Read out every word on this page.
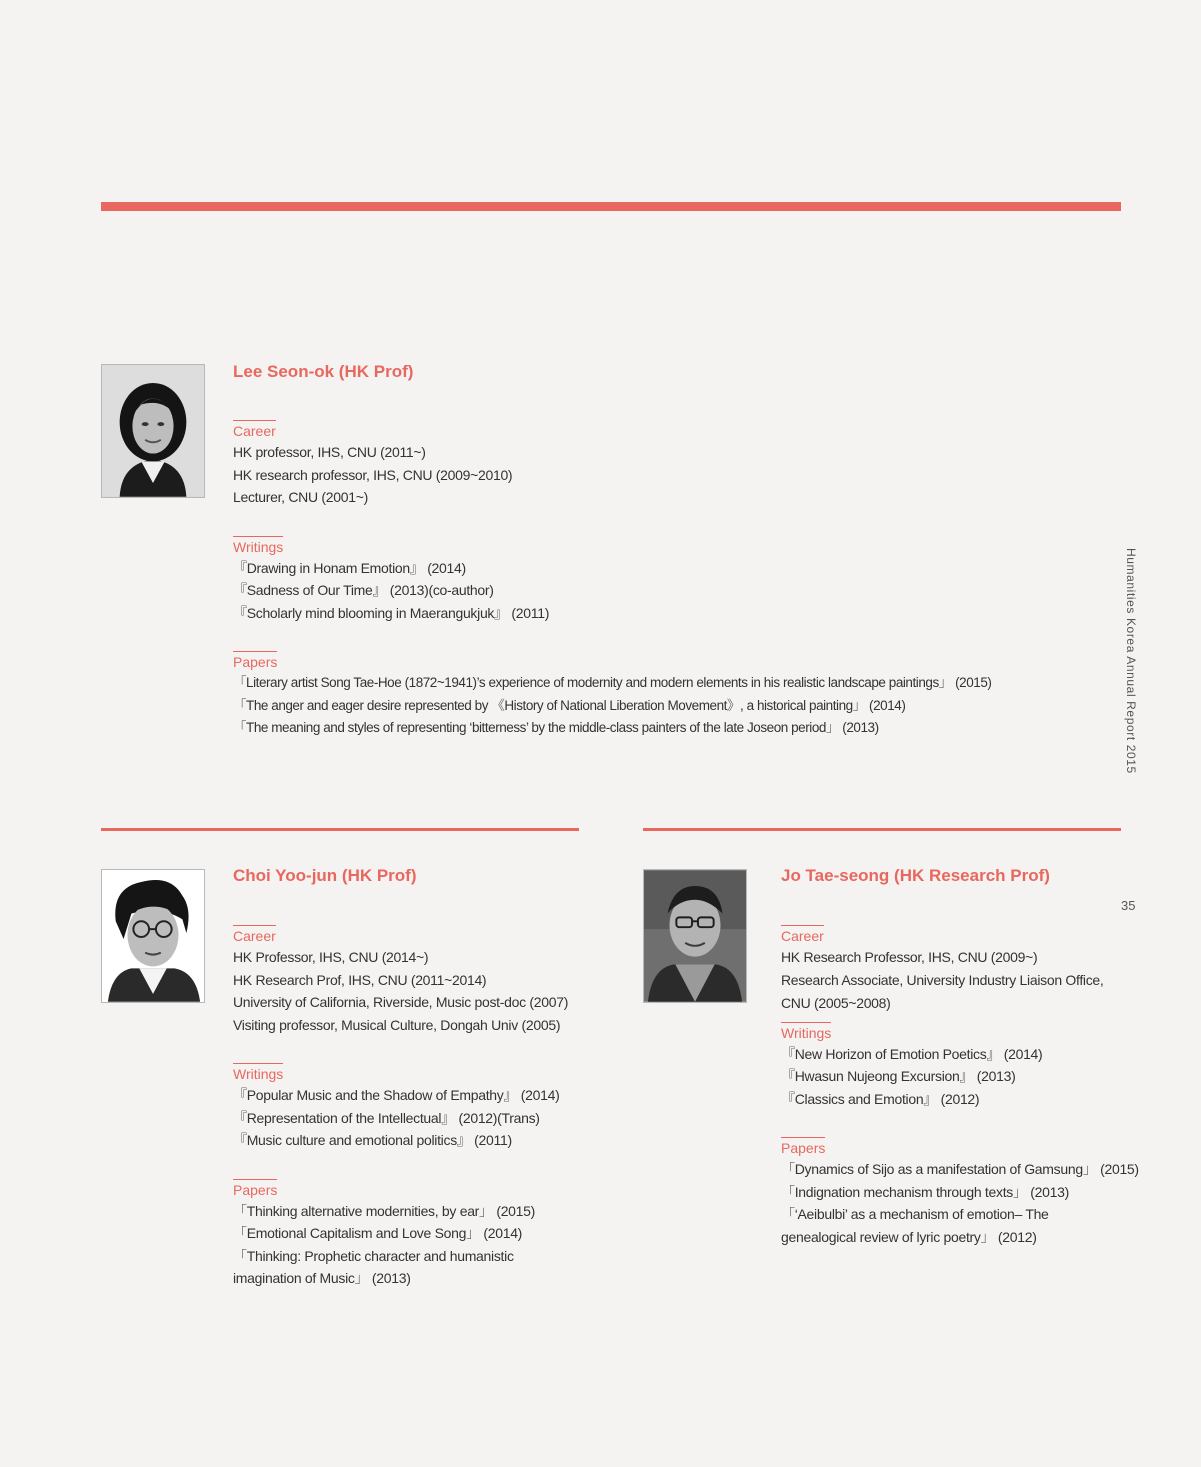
Humanities Korea Annual Report 2015
35
Lee Seon-ok (HK Prof)
Career
HK professor, IHS, CNU (2011~)
HK research professor, IHS, CNU (2009~2010)
Lecturer, CNU (2001~)
Writings
『Drawing in Honam Emotion』 (2014)
『Sadness of Our Time』 (2013)(co-author)
『Scholarly mind blooming in Maerangukjuk』 (2011)
Papers
「Literary artist Song Tae-Hoe (1872~1941)’s experience of modernity and modern elements in his realistic landscape paintings」 (2015)
「The anger and eager desire represented by 《History of National Liberation Movement》, a historical painting」 (2014)
「The meaning and styles of representing ‘bitterness’ by the middle-class painters of the late Joseon period」 (2013)
Choi Yoo-jun (HK Prof)
Career
HK Professor, IHS, CNU (2014~)
HK Research Prof, IHS, CNU (2011~2014)
University of California, Riverside, Music post-doc (2007)
Visiting professor, Musical Culture, Dongah Univ (2005)
Writings
『Popular Music and the Shadow of Empathy』 (2014)
『Representation of the Intellectual』 (2012)(Trans)
『Music culture and emotional politics』 (2011)
Papers
「Thinking alternative modernities, by ear」 (2015)
「Emotional Capitalism and Love Song」 (2014)
「Thinking: Prophetic character and humanistic imagination of Music」 (2013)
Jo Tae-seong (HK Research Prof)
Career
HK Research Professor, IHS, CNU (2009~)
Research Associate, University Industry Liaison Office, CNU (2005~2008)
Writings
『New Horizon of Emotion Poetics』 (2014)
『Hwasun Nujeong Excursion』 (2013)
『Classics and Emotion』 (2012)
Papers
「Dynamics of Sijo as a manifestation of Gamsung」 (2015)
「Indignation mechanism through texts」 (2013)
「‘Aeibulbi’ as a mechanism of emotion– The genealogical review of lyric poetry」 (2012)
